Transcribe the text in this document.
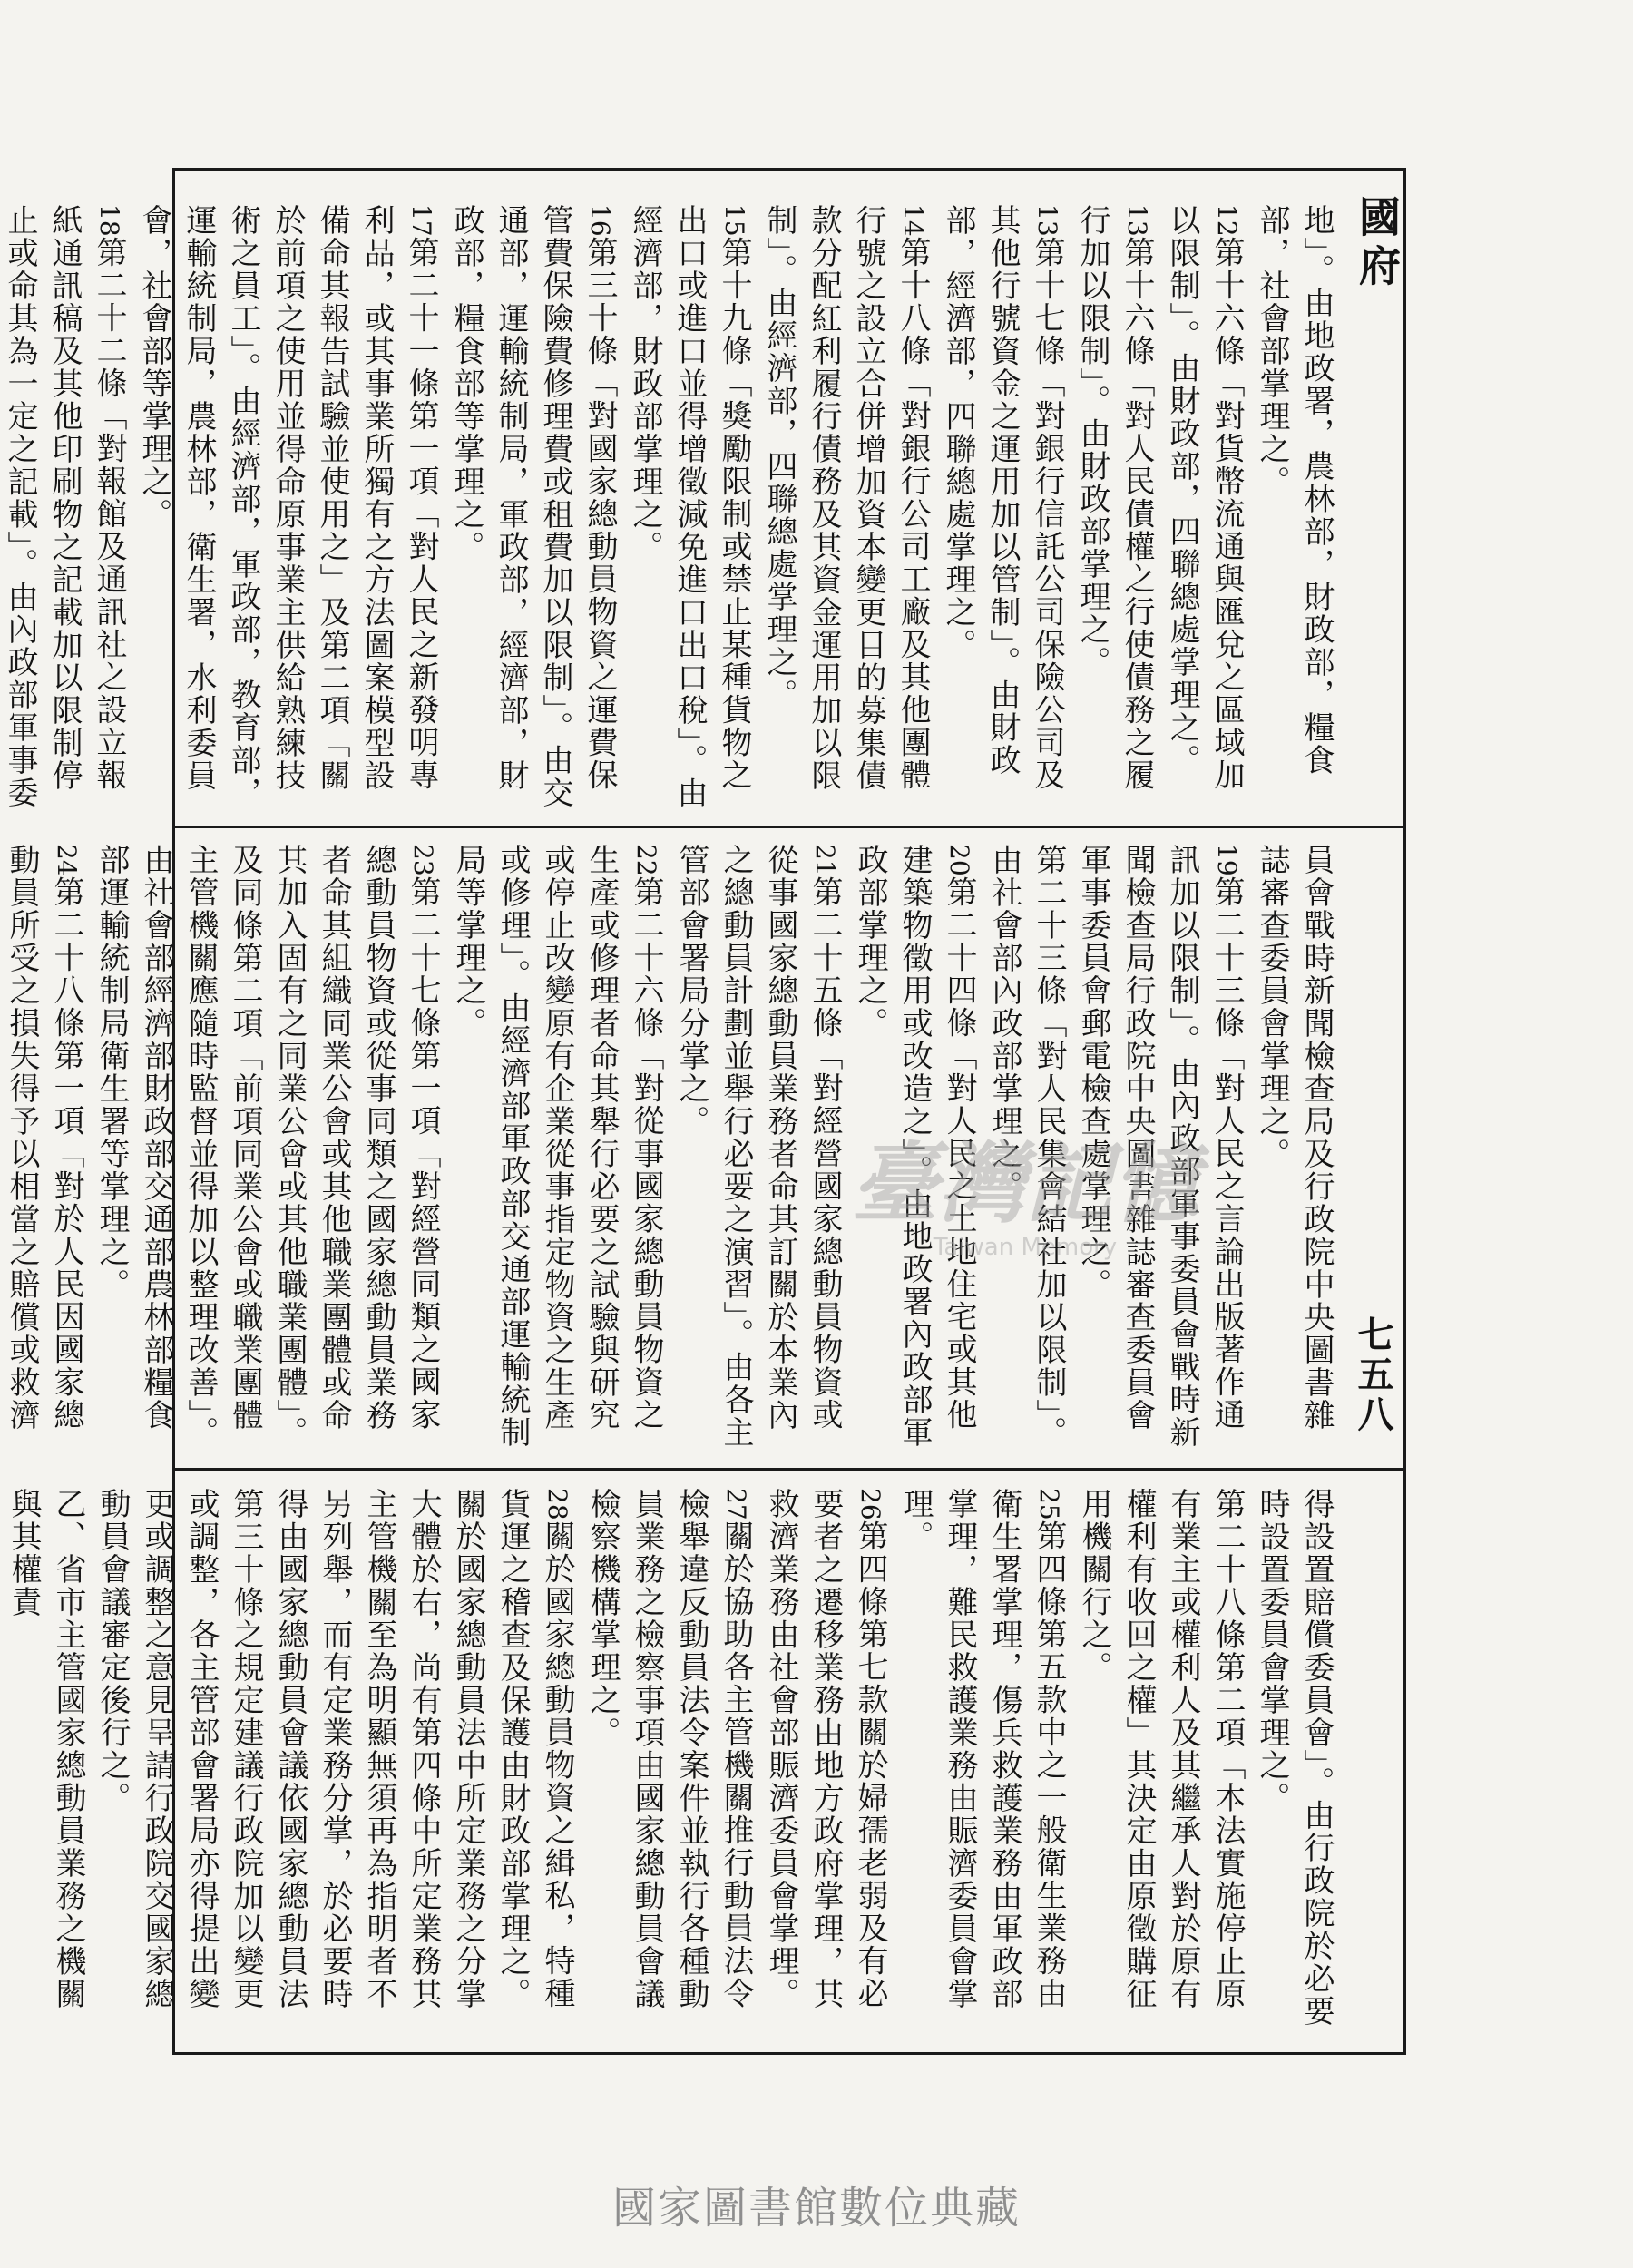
國府
七五八

地」。由地政署，農林部，財政部，糧食部，社會部掌理之。

12第十六條「對貨幣流通與匯兌之區域加以限制」。由財政部，四聯總處掌理之。

13第十六條「對人民債權之行使債務之履行加以限制」。由財政部掌理之。

13第十七條「對銀行信託公司保險公司及其他行號資金之運用加以管制」。由財政部，經濟部，四聯總處掌理之。

14第十八條「對銀行公司工廠及其他團體行號之設立合併增加資本變更目的募集債款分配紅利履行債務及其資金運用加以限制」。由經濟部，四聯總處掌理之。

15第十九條「獎勵限制或禁止某種貨物之出口或進口並得增徵減免進口出口稅」。由經濟部，財政部掌理之。

16第三十條「對國家總動員物資之運費保管費保險費修理費或租費加以限制」。由交通部，運輸統制局，軍政部，經濟部，財政部，糧食部等掌理之。

17第二十一條第一項「對人民之新發明專利品，或其事業所獨有之方法圖案模型設備命其報告試驗並使用之」及第二項「關於前項之使用並得命原事業主供給熟練技術之員工」。由經濟部，軍政部，教育部，運輸統制局，農林部，衛生署，水利委員會，社會部等掌理之。

18第二十二條「對報館及通訊社之設立報紙通訊稿及其他印刷物之記載加以限制停止或命其為一定之記載」。由內政部軍事委

員會戰時新聞檢查局及行政院中央圖書雜誌審查委員會掌理之。

19第二十三條「對人民之言論出版著作通訊加以限制」。由內政部軍事委員會戰時新聞檢查局行政院中央圖書雜誌審查委員會軍事委員會郵電檢查處掌理之。

第二十三條「對人民集會結社加以限制」。由社會部內政部掌理之。

20第二十四條「對人民之土地住宅或其他建築物徵用或改造之」。由地政署內政部軍政部掌理之。

21第二十五條「對經營國家總動員物資或從事國家總動員業務者命其訂關於本業內之總動員計劃並舉行必要之演習」。由各主管部會署局分掌之。

22第二十六條「對從事國家總動員物資之生產或修理者命其舉行必要之試驗與研究或停止改變原有企業從事指定物資之生產或修理」。由經濟部軍政部交通部運輸統制局等掌理之。

23第二十七條第一項「對經營同類之國家總動員物資或從事同類之國家總動員業務者命其組織同業公會或其他職業團體或命其加入固有之同業公會或其他職業團體」。及同條第二項「前項同業公會或職業團體主管機關應隨時監督並得加以整理改善」。由社會部經濟部財政部交通部農林部糧食部運輸統制局衛生署等掌理之。

24第二十八條第一項「對於人民因國家總動員所受之損失得予以相當之賠償或救濟

得設置賠償委員會」。由行政院於必要時設置委員會掌理之。

第二十八條第二項「本法實施停止原有業主或權利人及其繼承人對於原有權利有收回之權」其決定由原徵購征用機關行之。

25第四條第五款中之一般衛生業務由衛生署掌理，傷兵救護業務由軍政部掌理，難民救護業務由賑濟委員會掌理。

26第四條第七款關於婦孺老弱及有必要者之遷移業務由地方政府掌理，其救濟業務由社會部賑濟委員會掌理。

27關於協助各主管機關推行動員法令檢舉違反動員法令案件並執行各種動員業務之檢察事項由國家總動員會議檢察機構掌理之。

28關於國家總動員物資之緝私，特種貨運之稽查及保護由財政部掌理之。

關於國家總動員法中所定業務之分掌大體於右，尚有第四條中所定業務其主管機關至為明顯無須再為指明者不另列舉，而有定業務分掌，於必要時得由國家總動員會議依國家總動員法第三十條之規定建議行政院加以變更或調整，各主管部會署局亦得提出變更或調整之意見呈請行政院交國家總動員會議審定後行之。

乙、省市主管國家總動員業務之機關與其權責

臺灣記憶
Taiwan Memory
國家圖書館數位典藏
